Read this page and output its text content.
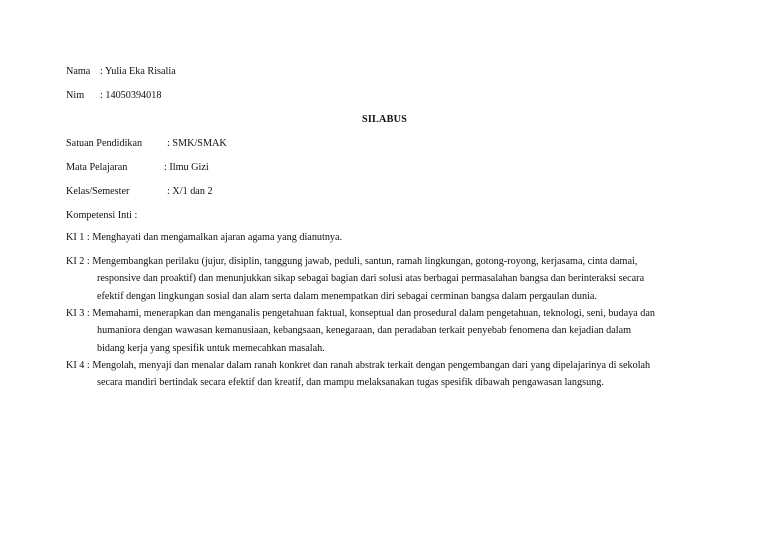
Nama : Yulia Eka Risalia
Nim : 14050394018
SILABUS
Satuan Pendidikan : SMK/SMAK
Mata Pelajaran	: Ilmu Gizi
Kelas/Semester	: X/1 dan 2
Kompetensi Inti :
KI 1 : Menghayati dan mengamalkan ajaran agama yang dianutnya.
KI 2 : Mengembangkan perilaku (jujur, disiplin, tanggung jawab, peduli, santun, ramah lingkungan, gotong-royong, kerjasama, cinta damai,
responsive dan proaktif) dan menunjukkan sikap sebagai bagian dari solusi atas berbagai permasalahan bangsa dan berinteraksi secara
efektif dengan lingkungan sosial dan alam serta dalam menempatkan diri sebagai cerminan bangsa dalam pergaulan dunia.
KI 3 : Memahami, menerapkan dan menganalis pengetahuan faktual, konseptual dan prosedural dalam pengetahuan, teknologi, seni, budaya dan
humaniora dengan wawasan kemanusiaan, kebangsaan, kenegaraan, dan peradaban terkait penyebab fenomena dan kejadian dalam
bidang kerja yang spesifik untuk memecahkan masalah.
KI 4 : Mengolah, menyaji dan menalar dalam ranah konkret dan ranah abstrak terkait dengan pengembangan dari yang dipelajarinya di sekolah
secara mandiri bertindak secara efektif dan kreatif, dan mampu melaksanakan tugas spesifik dibawah pengawasan langsung.
